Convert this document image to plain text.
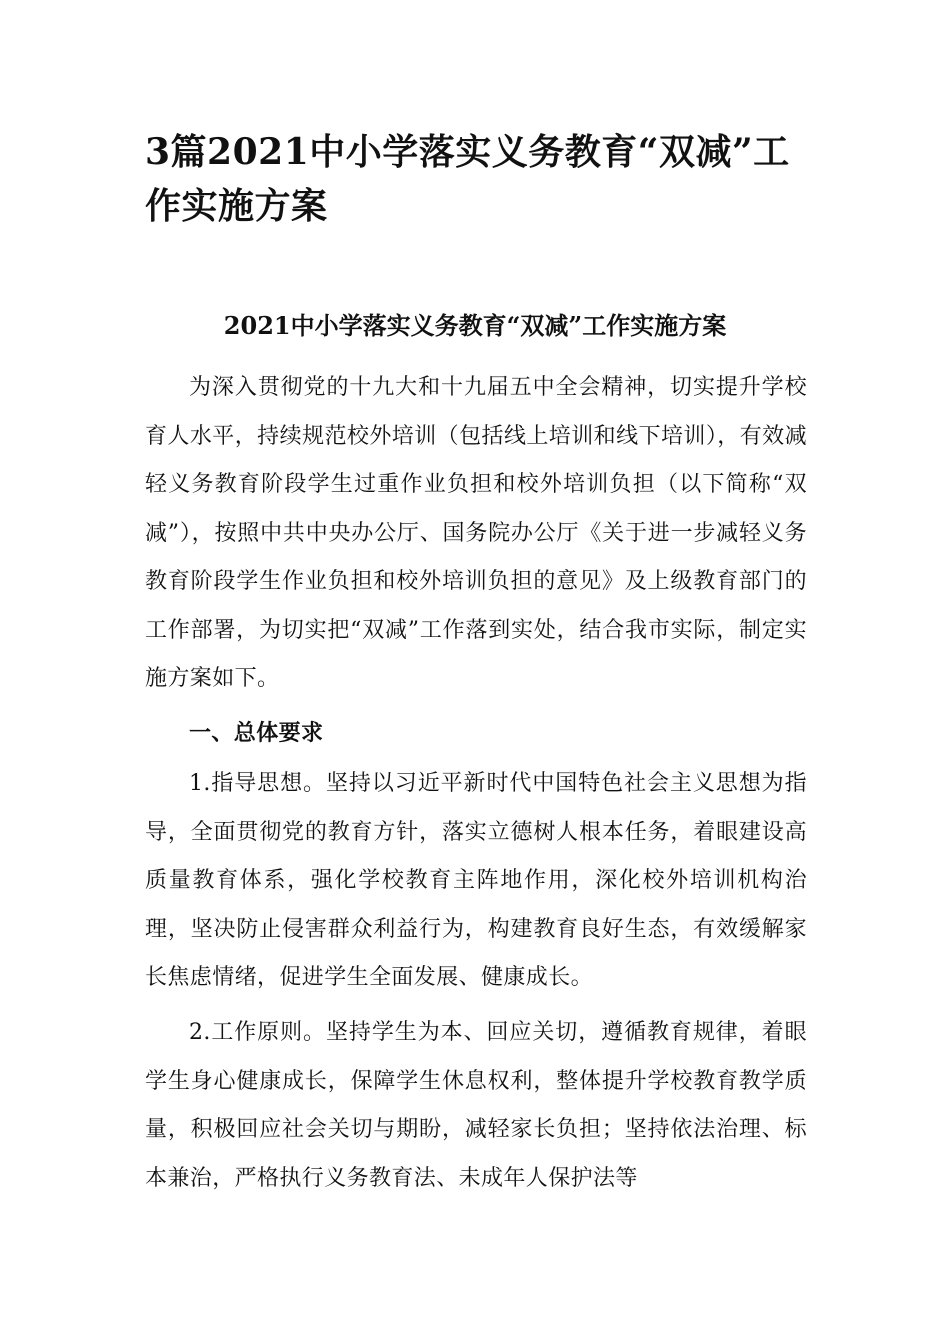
3篇2021中小学落实义务教育“双减”工作实施方案
2021中小学落实义务教育“双减”工作实施方案

为深入贯彻党的十九大和十九届五中全会精神，切实提升学校育人水平，持续规范校外培训（包括线上培训和线下培训），有效减轻义务教育阶段学生过重作业负担和校外培训负担（以下简称“双减”），按照中共中央办公厅、国务院办公厅《关于进一步减轻义务教育阶段学生作业负担和校外培训负担的意见》及上级教育部门的工作部署，为切实把“双减”工作落到实处，结合我市实际，制定实施方案如下。

一、总体要求

1.指导思想。坚持以习近平新时代中国特色社会主义思想为指导，全面贯彻党的教育方针，落实立德树人根本任务，着眼建设高质量教育体系，强化学校教育主阵地作用，深化校外培训机构治理，坚决防止侵害群众利益行为，构建教育良好生态，有效缓解家长焦虑情绪，促进学生全面发展、健康成长。

2.工作原则。坚持学生为本、回应关切，遵循教育规律，着眼学生身心健康成长，保障学生休息权利，整体提升学校教育教学质量，积极回应社会关切与期盼，减轻家长负担；坚持依法治理、标本兼治，严格执行义务教育法、未成年人保护法等
